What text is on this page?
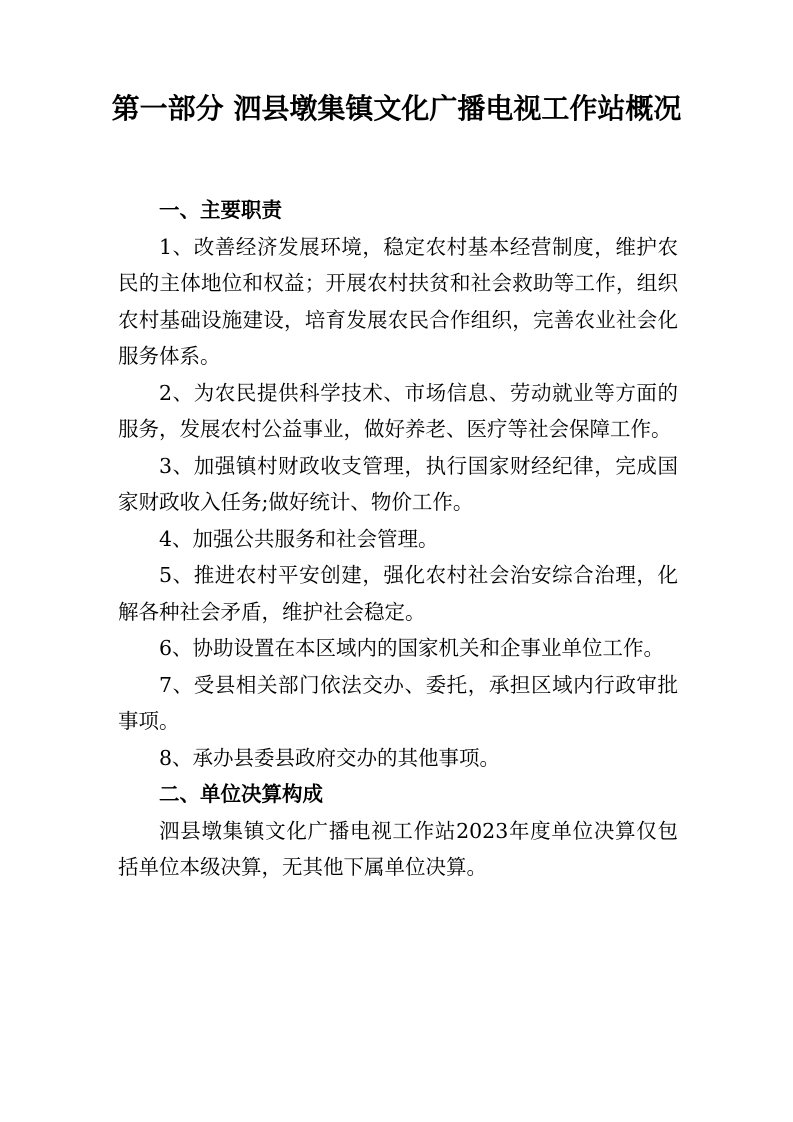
第一部分 泗县墩集镇文化广播电视工作站概况

一、主要职责

1、改善经济发展环境，稳定农村基本经营制度，维护农民的主体地位和权益；开展农村扶贫和社会救助等工作，组织农村基础设施建设，培育发展农民合作组织，完善农业社会化服务体系。

2、为农民提供科学技术、市场信息、劳动就业等方面的服务，发展农村公益事业，做好养老、医疗等社会保障工作。

3、加强镇村财政收支管理，执行国家财经纪律，完成国家财政收入任务;做好统计、物价工作。

4、加强公共服务和社会管理。

5、推进农村平安创建，强化农村社会治安综合治理，化解各种社会矛盾，维护社会稳定。

6、协助设置在本区域内的国家机关和企事业单位工作。

7、受县相关部门依法交办、委托，承担区域内行政审批事项。

8、承办县委县政府交办的其他事项。

二、单位决算构成

泗县墩集镇文化广播电视工作站2023年度单位决算仅包括单位本级决算，无其他下属单位决算。
